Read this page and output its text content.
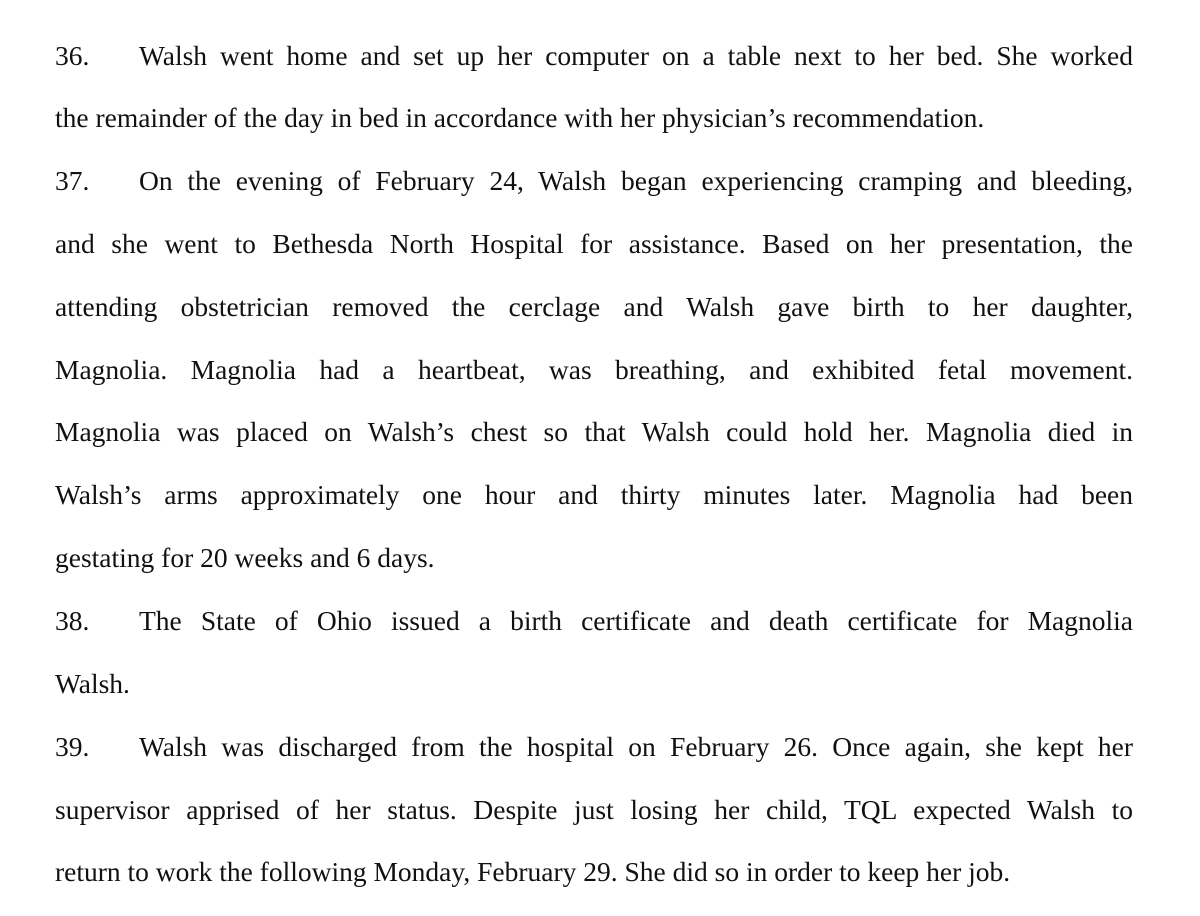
36. Walsh went home and set up her computer on a table next to her bed. She worked
the remainder of the day in bed in accordance with her physician’s recommendation.
37. On the evening of February 24, Walsh began experiencing cramping and bleeding,
and she went to Bethesda North Hospital for assistance. Based on her presentation, the
attending obstetrician removed the cerclage and Walsh gave birth to her daughter,
Magnolia. Magnolia had a heartbeat, was breathing, and exhibited fetal movement.
Magnolia was placed on Walsh’s chest so that Walsh could hold her. Magnolia died in
Walsh’s arms approximately one hour and thirty minutes later. Magnolia had been
gestating for 20 weeks and 6 days.
38. The State of Ohio issued a birth certificate and death certificate for Magnolia
Walsh.
39. Walsh was discharged from the hospital on February 26. Once again, she kept her
supervisor apprised of her status. Despite just losing her child, TQL expected Walsh to
return to work the following Monday, February 29. She did so in order to keep her job.
